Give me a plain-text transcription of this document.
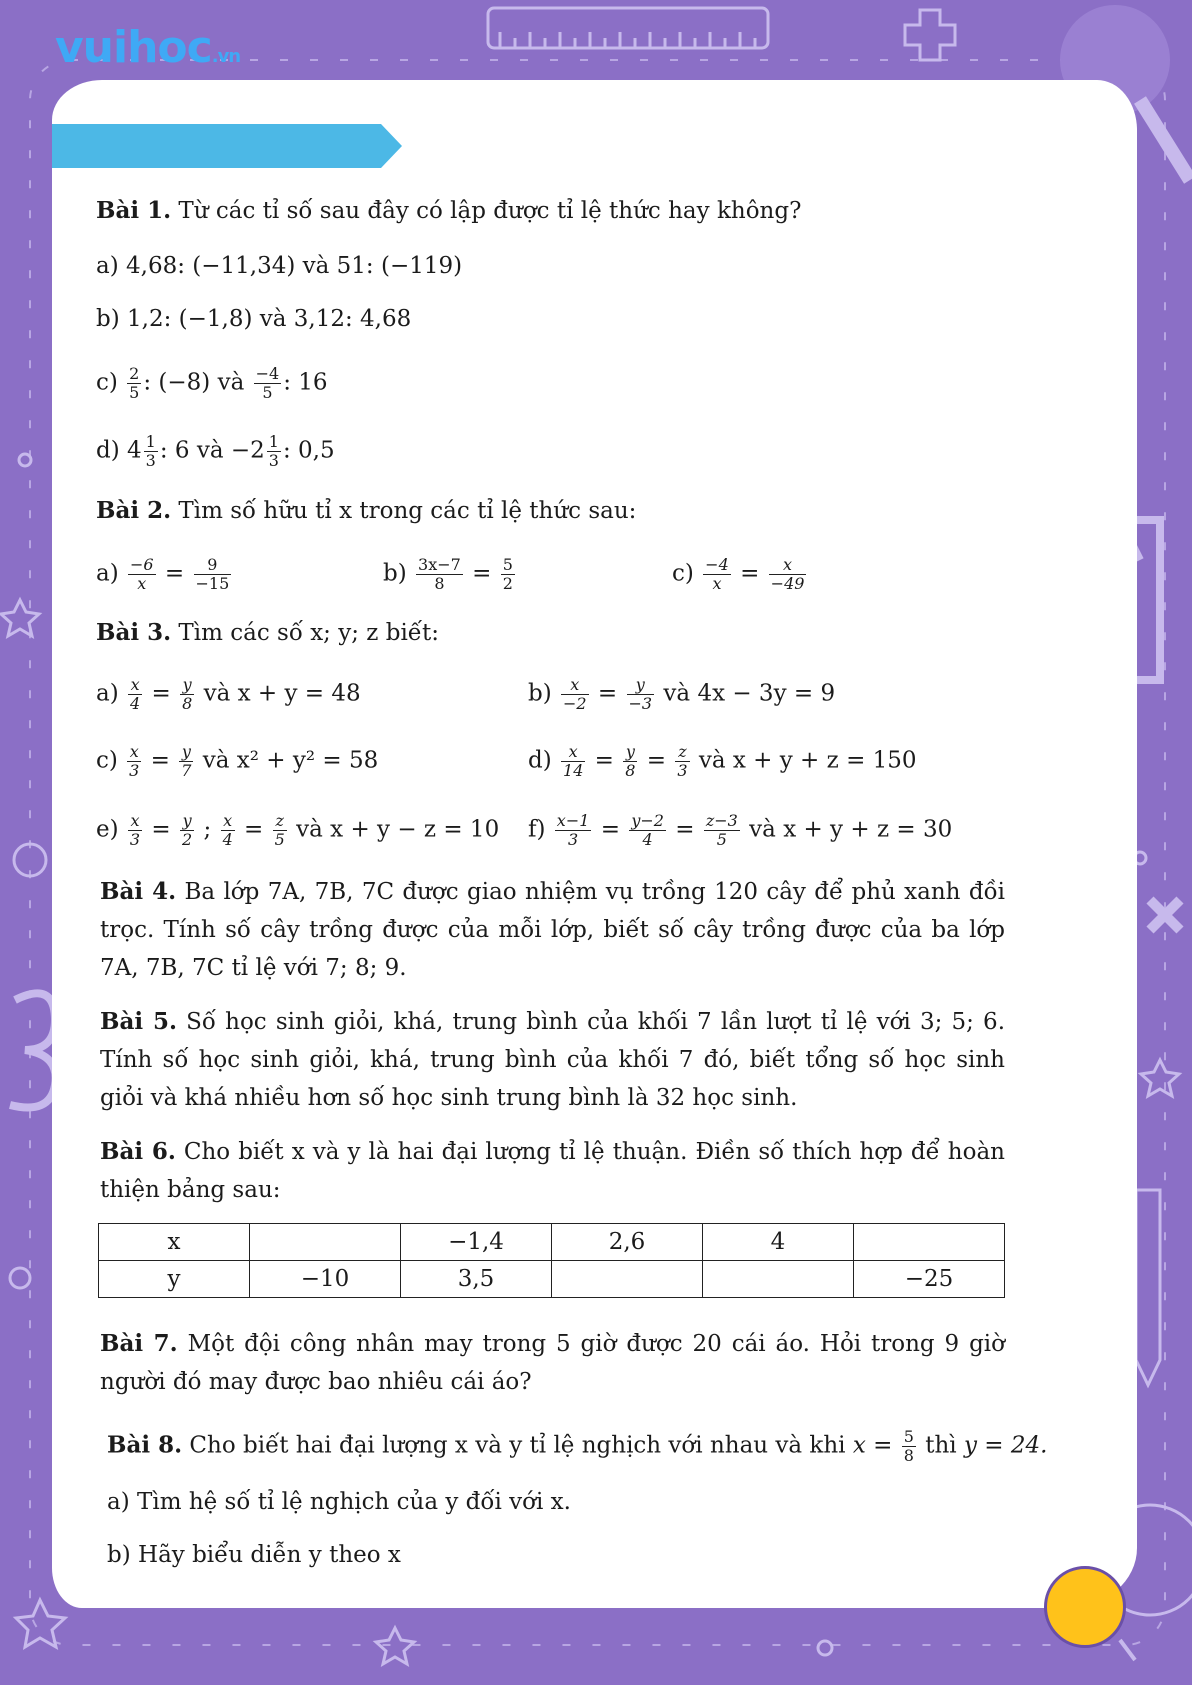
vuihoc.vn
Bài 1. Từ các tỉ số sau đây có lập được tỉ lệ thức hay không?
a) 4,68: (−11,34) và 51: (−119)
b) 1,2: (−1,8) và 3,12: 4,68
$c) \frac{2}{5}$ : (−8) và $\frac{-4}{5}$ : 16
d) $4 \frac{1}{3}$ : 6 và $-2 \frac{1}{3}$ : 0,5
Bài 2. Tìm số hữu tỉ x trong các tỉ lệ thức sau:
$a) \frac{-6}{x} = \frac{9}{-15}$	$b) \frac{3x-7}{8} = \frac{5}{2}$	$c) \frac{-4}{x} = \frac{x}{-49}$
Bài 3. Tìm các số x; y; z biết:
$a) \frac{x}{4} = \frac{y}{8}$ và x + y = 48	$b) \frac{x}{-2} = \frac{y}{-3}$ và 4x − 3y = 9
$c) \frac{x}{3} = \frac{y}{7}$ và x² + y² = 58	$d) \frac{x}{14} = \frac{y}{8} = \frac{z}{3}$ và x + y + z = 150
$e) \frac{x}{3} = \frac{y}{2}$ ; $\frac{x}{4} = \frac{z}{5}$ và x + y − z = 10 $f) \frac{x-1}{3} = \frac{y-2}{4} = \frac{z-3}{5}$ và x + y + z = 30
Bài 4. Ba lớp 7A, 7B, 7C được giao nhiệm vụ trồng 120 cây để phủ xanh đồi trọc. Tính số cây trồng được của mỗi lớp, biết số cây trồng được của ba lớp 7A, 7B, 7C tỉ lệ với 7; 8; 9.
Bài 5. Số học sinh giỏi, khá, trung bình của khối 7 lần lượt tỉ lệ với 3; 5; 6. Tính số học sinh giỏi, khá, trung bình của khối 7 đó, biết tổng số học sinh giỏi và khá nhiều hơn số học sinh trung bình là 32 học sinh.
Bài 6. Cho biết x và y là hai đại lượng tỉ lệ thuận. Điền số thích hợp để hoàn thiện bảng sau:
x		−1,4	2,6	4	
y	−10	3,5			−25
Bài 7. Một đội công nhân may trong 5 giờ được 20 cái áo. Hỏi trong 9 giờ người đó may được bao nhiêu cái áo?
Bài 8. Cho biết hai đại lượng x và y tỉ lệ nghịch với nhau và khi $x = \frac{5}{8}$ thì y = 24.
a) Tìm hệ số tỉ lệ nghịch của y đối với x.
b) Hãy biểu diễn y theo x
